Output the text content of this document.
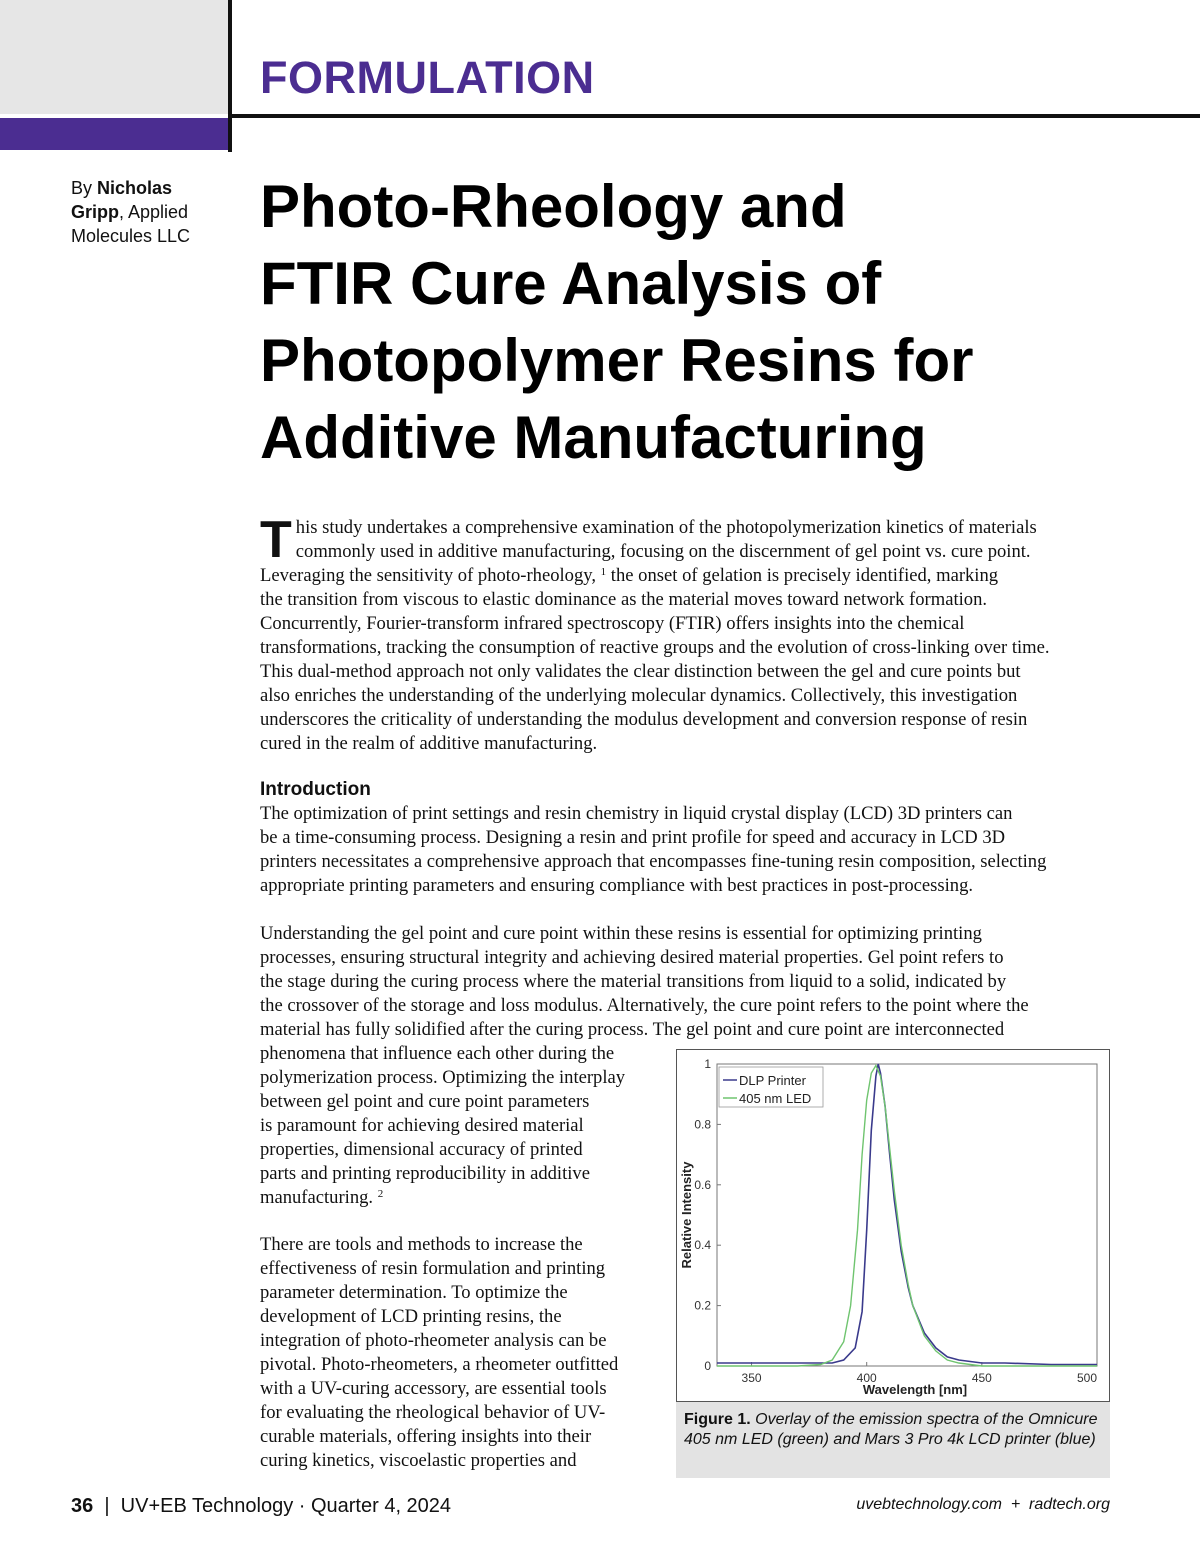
FORMULATION
By Nicholas
Gripp, Applied
Molecules LLC	Photo-Rheology and
FTIR Cure Analysis of
Photopolymer Resins for
Additive Manufacturing
T his study undertakes a comprehensive examination of the photopolymerization kinetics of materials
commonly used in additive manufacturing, focusing on the discernment of gel point vs. cure point.
Leveraging the sensitivity of photo-rheology, $^1$ the onset of gelation is precisely identified, marking
the transition from viscous to elastic dominance as the material moves toward network formation.
Concurrently, Fourier-transform infrared spectroscopy (FTIR) offers insights into the chemical
transformations, tracking the consumption of reactive groups and the evolution of cross-linking over time.
This dual-method approach not only validates the clear distinction between the gel and cure points but
also enriches the understanding of the underlying molecular dynamics. Collectively, this investigation
underscores the criticality of understanding the modulus development and conversion response of resin
cured in the realm of additive manufacturing.
Introduction
The optimization of print settings and resin chemistry in liquid crystal display (LCD) 3D printers can
be a time-consuming process. Designing a resin and print profile for speed and accuracy in LCD 3D
printers necessitates a comprehensive approach that encompasses fine-tuning resin composition, selecting
appropriate printing parameters and ensuring compliance with best practices in post-processing.
Understanding the gel point and cure point within these resins is essential for optimizing printing
processes, ensuring structural integrity and achieving desired material properties. Gel point refers to
the stage during the curing process where the material transitions from liquid to a solid, indicated by
the crossover of the storage and loss modulus. Alternatively, the cure point refers to the point where the
material has fully solidified after the curing process. The gel point and cure point are interconnected
phenomena that influence each other during the
polymerization process. Optimizing the interplay
between gel point and cure point parameters
is paramount for achieving desired material
properties, dimensional accuracy of printed
parts and printing reproducibility in additive
manufacturing. $^2$
There are tools and methods to increase the
effectiveness of resin formulation and printing
parameter determination. To optimize the
development of LCD printing resins, the
integration of photo-rheometer analysis can be
pivotal. Photo-rheometers, a rheometer outfitted
with a UV-curing accessory, are essential tools
for evaluating the rheological behavior of UV-
curable materials, offering insights into their
curing kinetics, viscoelastic properties and
0
0.2
0.4
0.6
0.8
1
350	400	450	500
DLP Printer
405 nm LED
Wavelength [nm]
Relative Intensity
Figure 1. Overlay of the emission spectra of the Omnicure 405 nm LED (green) and Mars 3 Pro 4k LCD printer (blue)
36  |  UV+EB Technology · Quarter 4, 2024	uvebtechnology.com  +  radtech.org
